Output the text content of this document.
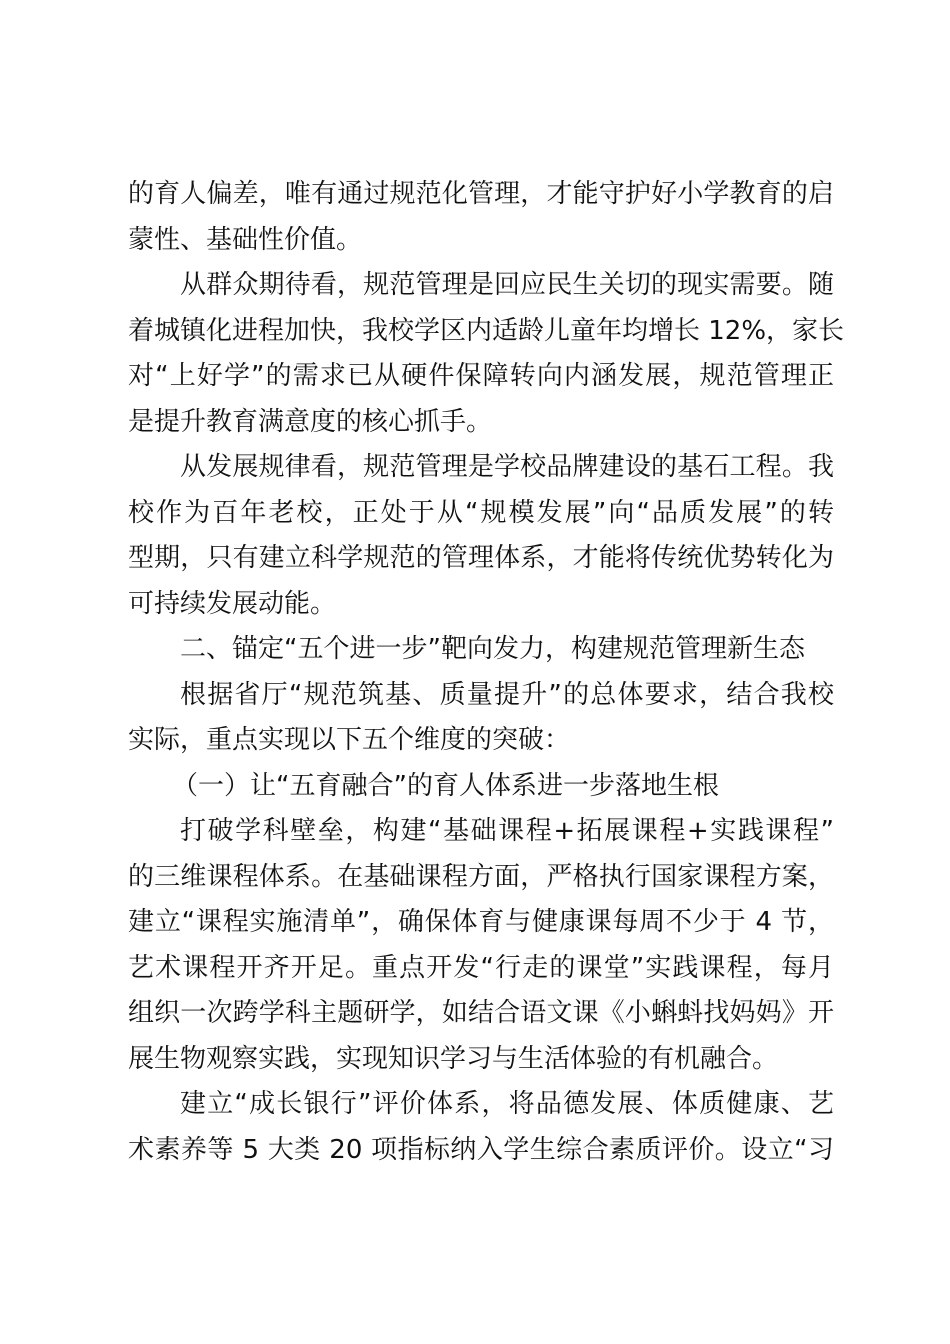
的育人偏差，唯有通过规范化管理，才能守护好小学教育的启
蒙性、基础性价值。
从群众期待看，规范管理是回应民生关切的现实需要。随
着城镇化进程加快，我校学区内适龄儿童年均增长 12%，家长
对“上好学”的需求已从硬件保障转向内涵发展，规范管理正
是提升教育满意度的核心抓手。
从发展规律看，规范管理是学校品牌建设的基石工程。我
校作为百年老校，正处于从“规模发展”向“品质发展”的转
型期，只有建立科学规范的管理体系，才能将传统优势转化为
可持续发展动能。
二、锚定“五个进一步”靶向发力，构建规范管理新生态
根据省厅“规范筑基、质量提升”的总体要求，结合我校
实际，重点实现以下五个维度的突破：
（一）让“五育融合”的育人体系进一步落地生根
打破学科壁垒，构建“基础课程+拓展课程+实践课程”
的三维课程体系。在基础课程方面，严格执行国家课程方案，
建立“课程实施清单”，确保体育与健康课每周不少于 4 节，
艺术课程开齐开足。重点开发“行走的课堂”实践课程，每月
组织一次跨学科主题研学，如结合语文课《小蝌蚪找妈妈》开
展生物观察实践，实现知识学习与生活体验的有机融合。
建立“成长银行”评价体系，将品德发展、体质健康、艺
术素养等 5 大类 20 项指标纳入学生综合素质评价。设立“习
